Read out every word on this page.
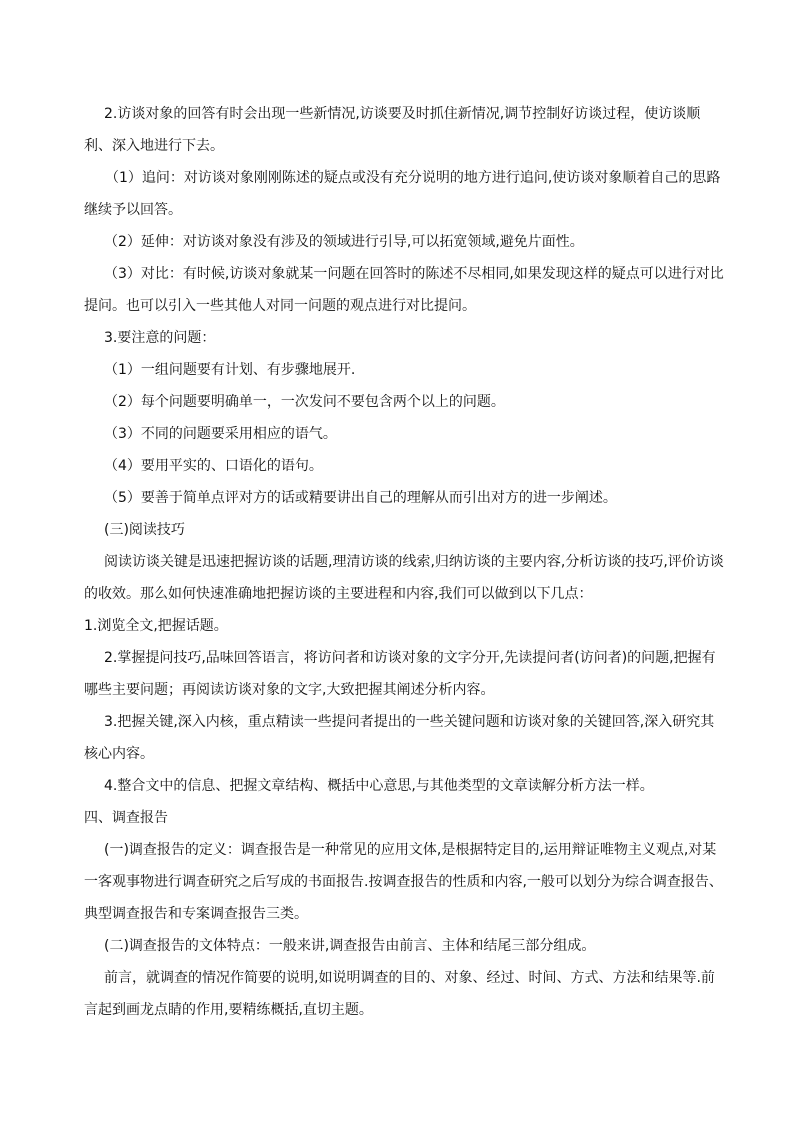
2.访谈对象的回答有时会出现一些新情况,访谈要及时抓住新情况,调节控制好访谈过程，使访谈顺利、深入地进行下去。

（1）追问：对访谈对象刚刚陈述的疑点或没有充分说明的地方进行追问,使访谈对象顺着自己的思路继续予以回答。

（2）延伸：对访谈对象没有涉及的领域进行引导,可以拓宽领域,避免片面性。

（3）对比：有时候,访谈对象就某一问题在回答时的陈述不尽相同,如果发现这样的疑点可以进行对比提问。也可以引入一些其他人对同一问题的观点进行对比提问。

3.要注意的问题：

（1）一组问题要有计划、有步骤地展开.

（2）每个问题要明确单一，一次发问不要包含两个以上的问题。

（3）不同的问题要采用相应的语气。

（4）要用平实的、口语化的语句。

（5）要善于简单点评对方的话或精要讲出自己的理解从而引出对方的进一步阐述。

(三)阅读技巧

阅读访谈关键是迅速把握访谈的话题,理清访谈的线索,归纳访谈的主要内容,分析访谈的技巧,评价访谈的收效。那么如何快速准确地把握访谈的主要进程和内容,我们可以做到以下几点：

1.浏览全文,把握话题。

2.掌握提问技巧,品味回答语言，将访问者和访谈对象的文字分开,先读提问者(访问者)的问题,把握有哪些主要问题；再阅读访谈对象的文字,大致把握其阐述分析内容。

3.把握关键,深入内核，重点精读一些提问者提出的一些关键问题和访谈对象的关键回答,深入研究其核心内容。

4.整合文中的信息、把握文章结构、概括中心意思,与其他类型的文章读解分析方法一样。

四、调查报告

(一)调查报告的定义：调查报告是一种常见的应用文体,是根据特定目的,运用辩证唯物主义观点,对某一客观事物进行调查研究之后写成的书面报告.按调查报告的性质和内容,一般可以划分为综合调查报告、典型调查报告和专案调查报告三类。

(二)调查报告的文体特点：一般来讲,调查报告由前言、主体和结尾三部分组成。

前言，就调查的情况作简要的说明,如说明调查的目的、对象、经过、时间、方式、方法和结果等.前言起到画龙点睛的作用,要精练概括,直切主题。
